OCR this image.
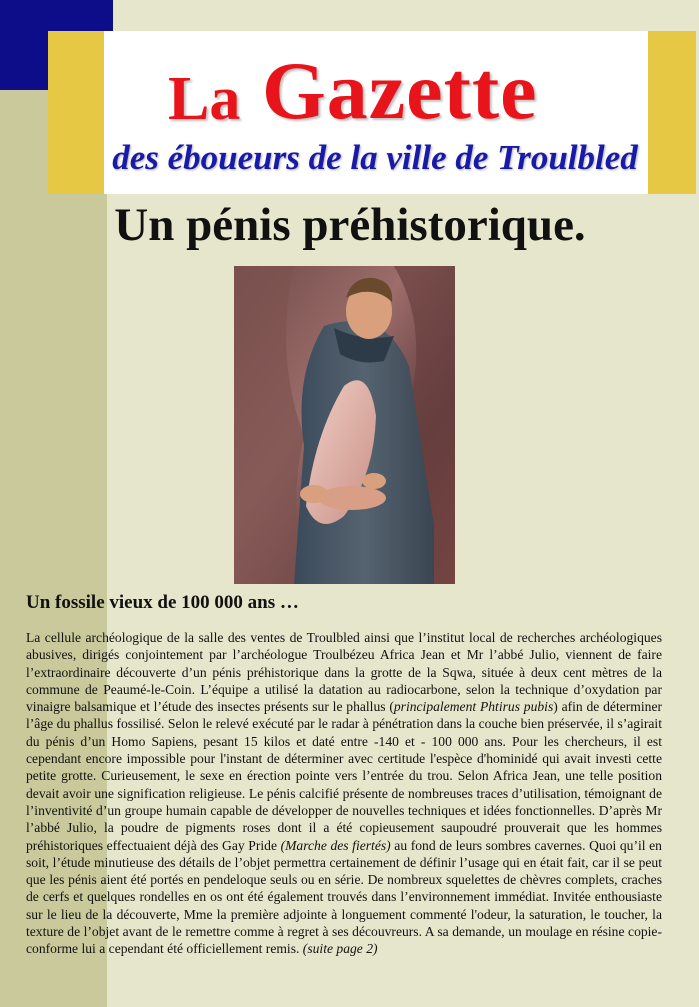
La Gazette
des éboueurs de la ville de Troulbled
Un pénis préhistorique.
Un fossile vieux de 100 000 ans …

La cellule archéologique de la salle des ventes de Troulbled ainsi que l’institut local de recherches archéologiques abusives, dirigés conjointement par l’archéologue Troulbézeu Africa Jean et Mr l’abbé Julio, viennent de faire l’extraordinaire découverte d’un pénis préhistorique dans la grotte de la Sqwa, située à deux cent mètres de la commune de Peaumé-le-Coin. L’équipe a utilisé la datation au radiocarbone, selon la technique d’oxydation par vinaigre balsamique et l’étude des insectes présents sur le phallus (principalement Phtirus pubis) afin de déterminer l’âge du phallus fossilisé. Selon le relevé exécuté par le radar à pénétration dans la couche bien préservée, il s’agirait du pénis d’un Homo Sapiens, pesant 15 kilos et daté entre -140 et - 100 000 ans. Pour les chercheurs, il est cependant encore impossible pour l'instant de déterminer avec certitude l'espèce d'hominidé qui avait investi cette petite grotte. Curieusement, le sexe en érection pointe vers l’entrée du trou. Selon Africa Jean, une telle position devait avoir une signification religieuse. Le pénis calcifié présente de nombreuses traces d’utilisation, témoignant de l’inventivité d’un groupe humain capable de développer de nouvelles techniques et idées fonctionnelles. D’après Mr l’abbé Julio, la poudre de pigments roses dont il a été copieusement saupoudré prouverait que les hommes préhistoriques effectuaient déjà des Gay Pride (Marche des fiertés) au fond de leurs sombres cavernes. Quoi qu’il en soit, l’étude minutieuse des détails de l’objet permettra certainement de définir l’usage qui en était fait, car il se peut que les pénis aient été portés en pendeloque seuls ou en série. De nombreux squelettes de chèvres complets, craches de cerfs et quelques rondelles en os ont été également trouvés dans l’environnement immédiat. Invitée enthousiaste sur le lieu de la découverte, Mme la première adjointe à longuement commenté l'odeur, la saturation, le toucher, la texture de l’objet avant de le remettre comme à regret à ses découvreurs. A sa demande, un moulage en résine copie-conforme lui a cependant été officiellement remis. (suite page 2)
